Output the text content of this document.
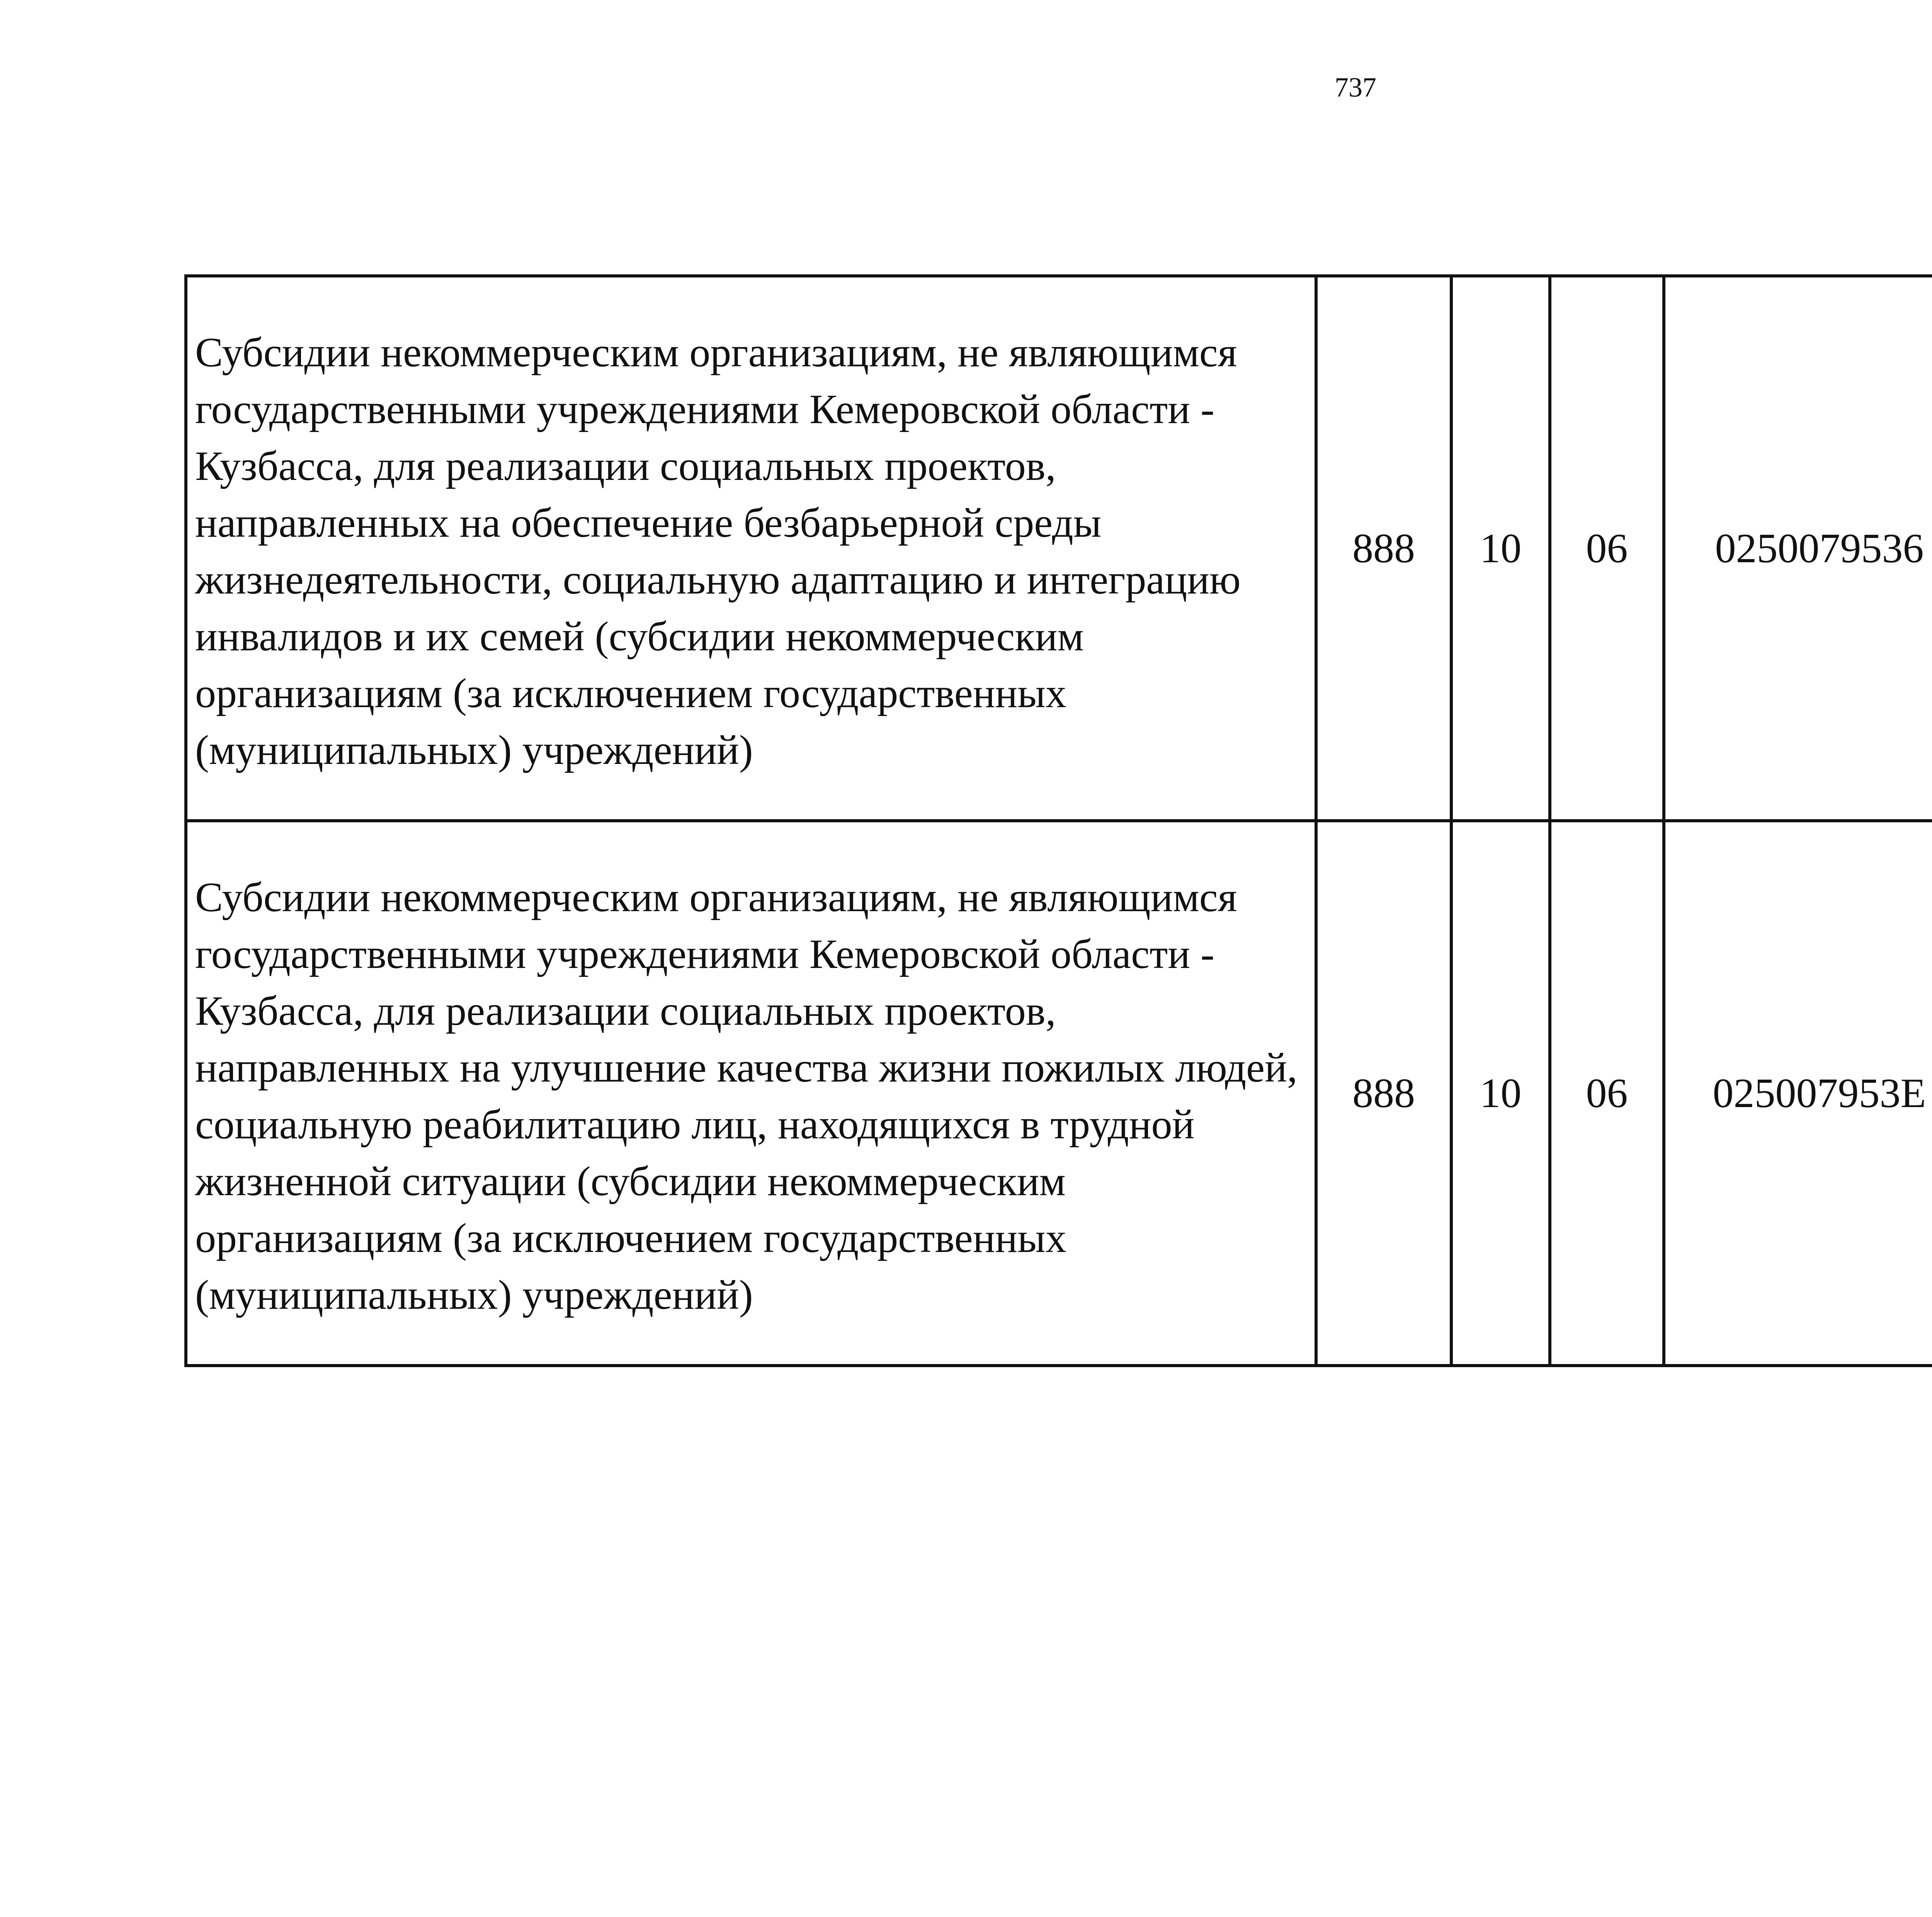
737
Субсидии некоммерческим организациям, не являющимся государственными учреждениями Кемеровской области - Кузбасса, для реализации социальных проектов, направленных на обеспечение безбарьерной среды жизнедеятельности, социальную адаптацию и интеграцию инвалидов и их семей (субсидии некоммерческим организациям (за исключением государственных (муниципальных) учреждений)	888	10	06	0250079536		
Субсидии некоммерческим организациям, не являющимся государственными учреждениями Кемеровской области - Кузбасса, для реализации социальных проектов, направленных на улучшение качества жизни пожилых людей, социальную реабилитацию лиц, находящихся в трудной жизненной ситуации (субсидии некоммерческим организациям (за исключением государственных (муниципальных) учреждений)	888	10	06	025007953Е		
